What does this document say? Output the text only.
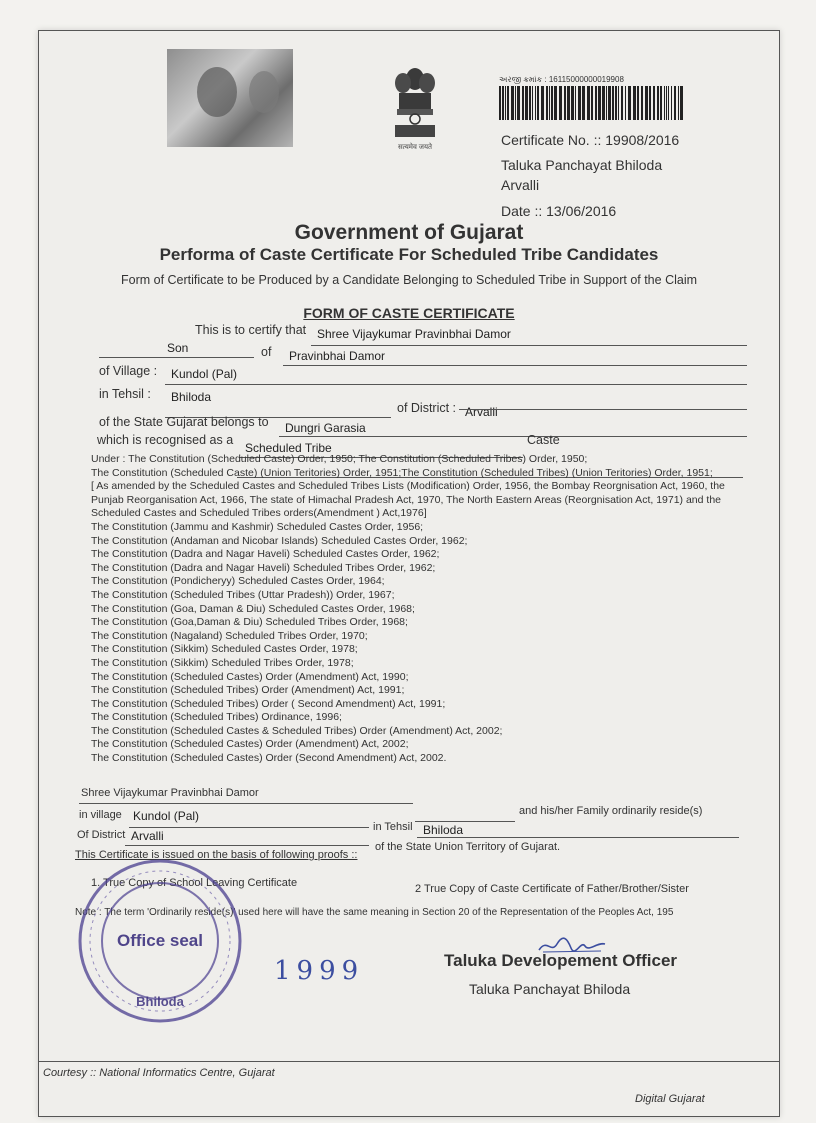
सत्यमेव जयते
અરજી ક્રમાંક : 16115000000019908
Certificate No. :: 19908/2016
Taluka Panchayat Bhiloda
Arvalli
Date :: 13/06/2016
Government of Gujarat
Performa of Caste Certificate For Scheduled Tribe Candidates
Form of Certificate to be Produced by a Candidate Belonging to Scheduled Tribe in Support of the Claim
FORM OF CASTE CERTIFICATE
This is to certify that Shree Vijaykumar Pravinbhai Damor
Son	of Pravinbhai Damor
of Village : Kundol (Pal)
in Tehsil : Bhiloda
of District : Arvalli
of the State Gujarat belongs to Dungri Garasia
which is recognised as a
Scheduled Tribe
Caste
Under : The Constitution (Scheduled Caste) Order, 1950; The Constitution (Scheduled Tribes) Order, 1950;
The Constitution (Scheduled Caste) (Union Teritories) Order, 1951;The Constitution (Scheduled Tribes) (Union Teritories) Order, 1951;
[ As amended by the Scheduled Castes and Scheduled Tribes Lists (Modification) Order, 1956, the Bombay Reorgnisation Act, 1960, the
Punjab Reorganisation Act, 1966, The state of Himachal Pradesh Act, 1970, The North Eastern Areas (Reorgnisation Act, 1971) and the
Scheduled Castes and Scheduled Tribes orders(Amendment ) Act,1976]
The Constitution (Jammu and Kashmir) Scheduled Castes Order, 1956;
The Constitution (Andaman and Nicobar Islands) Scheduled Castes Order, 1962;
The Constitution (Dadra and Nagar Haveli) Scheduled Castes Order, 1962;
The Constitution (Dadra and Nagar Haveli) Scheduled Tribes Order, 1962;
The Constitution (Pondicheryy) Scheduled Castes Order, 1964;
The Constitution (Scheduled Tribes (Uttar Pradesh)) Order, 1967;
The Constitution (Goa, Daman & Diu) Scheduled Castes Order, 1968;
The Constitution (Goa,Daman & Diu) Scheduled Tribes Order, 1968;
The Constitution (Nagaland) Scheduled Tribes Order, 1970;
The Constitution (Sikkim) Scheduled Castes Order, 1978;
The Constitution (Sikkim) Scheduled Tribes Order, 1978;
The Constitution (Scheduled Castes) Order (Amendment) Act, 1990;
The Constitution (Scheduled Tribes) Order (Amendment) Act, 1991;
The Constitution (Scheduled Tribes) Order ( Second Amendment) Act, 1991;
The Constitution (Scheduled Tribes) Ordinance, 1996;
The Constitution (Scheduled Castes & Scheduled Tribes) Order (Amendment) Act, 2002;
The Constitution (Scheduled Castes) Order (Amendment) Act, 2002;
The Constitution (Scheduled Castes) Order (Second Amendment) Act, 2002.
Shree Vijaykumar Pravinbhai Damor
and his/her Family ordinarily reside(s)
in village Kundol (Pal)
in Tehsil Bhiloda
Of District Arvalli
of the State Union Territory of Gujarat.
This Certificate is issued on the basis of following proofs ::
1. True Copy of School Leaving Certificate	2 True Copy of Caste Certificate of Father/Brother/Sister
Note : The term 'Ordinarily reside(s)' used here will have the same meaning in Section 20 of the Representation of the Peoples Act, 195
Office seal
Bhiloda
1999	Taluka Developement Officer
Taluka Panchayat Bhiloda
Courtesy :: National Informatics Centre, Gujarat
Digital Gujarat
